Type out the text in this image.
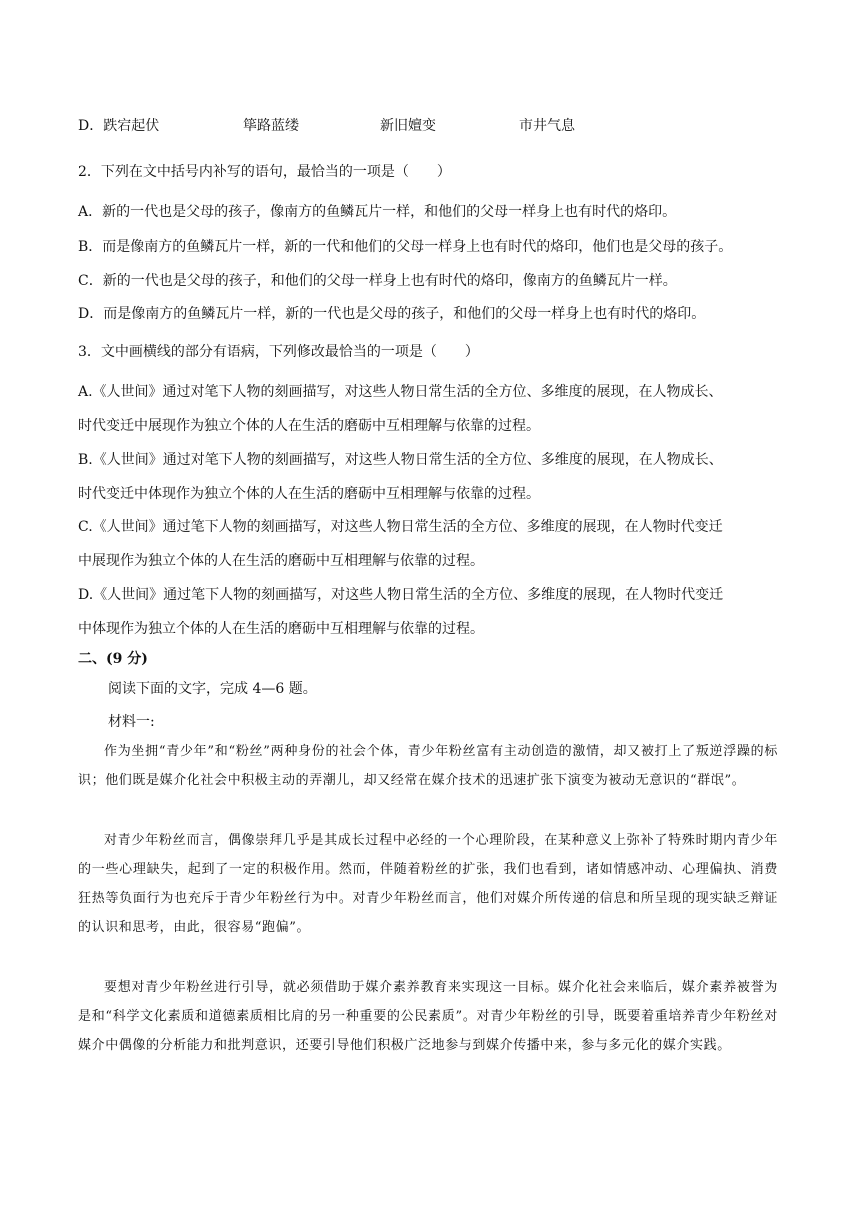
D．跌宕起伏	筚路蓝缕	新旧嬗变	市井气息
2．下列在文中括号内补写的语句，最恰当的一项是（　　）
A．新的一代也是父母的孩子，像南方的鱼鳞瓦片一样，和他们的父母一样身上也有时代的烙印。
B．而是像南方的鱼鳞瓦片一样，新的一代和他们的父母一样身上也有时代的烙印，他们也是父母的孩子。
C．新的一代也是父母的孩子，和他们的父母一样身上也有时代的烙印，像南方的鱼鳞瓦片一样。
D．而是像南方的鱼鳞瓦片一样，新的一代也是父母的孩子，和他们的父母一样身上也有时代的烙印。
3．文中画横线的部分有语病，下列修改最恰当的一项是（　　）
A.《人世间》通过对笔下人物的刻画描写，对这些人物日常生活的全方位、多维度的展现，在人物成长、
时代变迁中展现作为独立个体的人在生活的磨砺中互相理解与依靠的过程。
B.《人世间》通过对笔下人物的刻画描写，对这些人物日常生活的全方位、多维度的展现，在人物成长、
时代变迁中体现作为独立个体的人在生活的磨砺中互相理解与依靠的过程。
C.《人世间》通过笔下人物的刻画描写，对这些人物日常生活的全方位、多维度的展现，在人物时代变迁
中展现作为独立个体的人在生活的磨砺中互相理解与依靠的过程。
D.《人世间》通过笔下人物的刻画描写，对这些人物日常生活的全方位、多维度的展现，在人物时代变迁
中体现作为独立个体的人在生活的磨砺中互相理解与依靠的过程。
二、(9 分)
阅读下面的文字，完成 4—6 题。
材料一:
作为坐拥“青少年”和“粉丝”两种身份的社会个体，青少年粉丝富有主动创造的激情，却又被打上了叛逆浮躁的标识；他们既是媒介化社会中积极主动的弄潮儿，却又经常在媒介技术的迅速扩张下演变为被动无意识的“群氓”。
对青少年粉丝而言，偶像崇拜几乎是其成长过程中必经的一个心理阶段，在某种意义上弥补了特殊时期内青少年的一些心理缺失，起到了一定的积极作用。然而，伴随着粉丝的扩张，我们也看到，诸如情感冲动、心理偏执、消费狂热等负面行为也充斥于青少年粉丝行为中。对青少年粉丝而言，他们对媒介所传递的信息和所呈现的现实缺乏辩证的认识和思考，由此，很容易“跑偏”。
要想对青少年粉丝进行引导，就必须借助于媒介素养教育来实现这一目标。媒介化社会来临后，媒介素养被誉为是和“科学文化素质和道德素质相比肩的另一种重要的公民素质”。对青少年粉丝的引导，既要着重培养青少年粉丝对媒介中偶像的分析能力和批判意识，还要引导他们积极广泛地参与到媒介传播中来，参与多元化的媒介实践。
